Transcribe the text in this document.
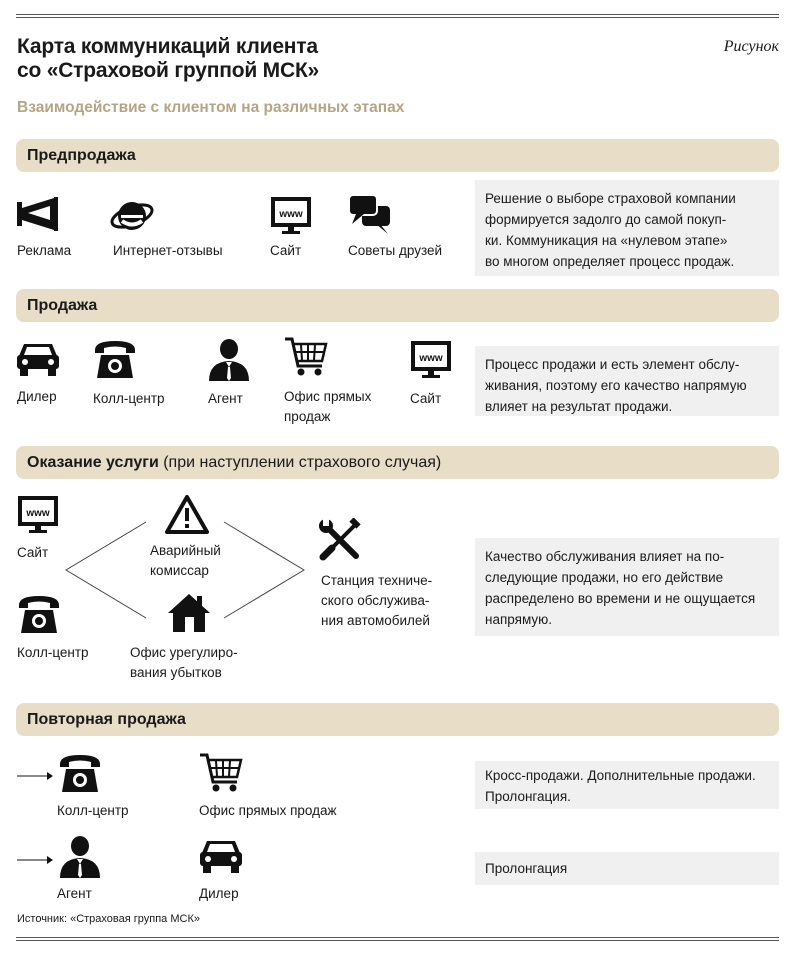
Карта коммуникаций клиента
со «Страховой группой МСК»
Рисунок
Взаимодействие с клиентом на различных этапах
Предпродажа
Реклама	Интернет-отзывы
www
Сайт	Советы друзей
Решение о выборе страховой компании
формируется задолго до самой покуп-
ки. Коммуникация на «нулевом этапе»
во многом определяет процесс продаж.
Продажа
Дилер	Колл-центр	Агент	Офис прямых
продаж
www
Сайт
Процесс продажи и есть элемент обслу-
живания, поэтому его качество напрямую
влияет на результат продажи.
Оказание услуги (при наступлении страхового случая)
www
Сайт	Аварийный
комиссар
Колл-центр	Офис урегулиро-
вания убытков
Станция техниче-
ского обслужива-
ния автомобилей
Качество обслуживания влияет на по-
следующие продажи, но его действие
распределено во времени и не ощущается
напрямую.
Повторная продажа
Колл-центр	Офис прямых продаж
Агент	Дилер
Кросс-продажи. Дополнительные продажи.
Пролонгация.
Пролонгация
Источник: «Страховая группа МСК»
